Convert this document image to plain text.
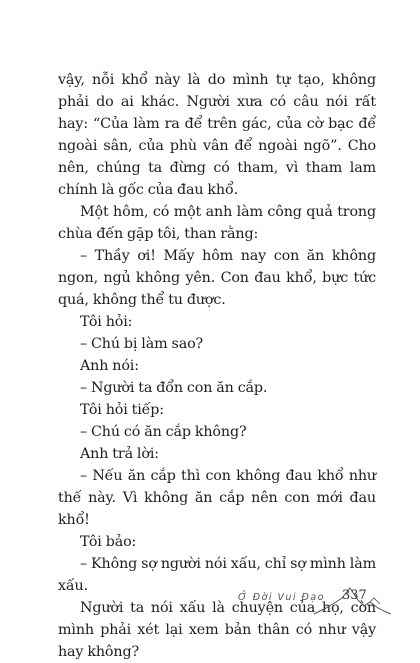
vậy, nỗi khổ này là do mình tự tạo, không phải do ai khác. Người xưa có câu nói rất hay: “Của làm ra để trên gác, của cờ bạc để ngoài sân, của phù vân để ngoài ngõ”. Cho nên, chúng ta đừng có tham, vì tham lam chính là gốc của đau khổ.

Một hôm, có một anh làm công quả trong chùa đến gặp tôi, than rằng:

– Thầy ơi! Mấy hôm nay con ăn không ngon, ngủ không yên. Con đau khổ, bực tức quá, không thể tu được.

Tôi hỏi:

– Chú bị làm sao?

Anh nói:

– Người ta đổn con ăn cắp.

Tôi hỏi tiếp:

– Chú có ăn cắp không?

Anh trả lời:

– Nếu ăn cắp thì con không đau khổ như thế này. Vì không ăn cắp nên con mới đau khổ!

Tôi bảo:

– Không sợ người nói xấu, chỉ sợ mình làm xấu.

Người ta nói xấu là chuyện của họ, còn mình phải xét lại xem bản thân có như vậy hay không?

Ở Đời Vui Đạo 337
